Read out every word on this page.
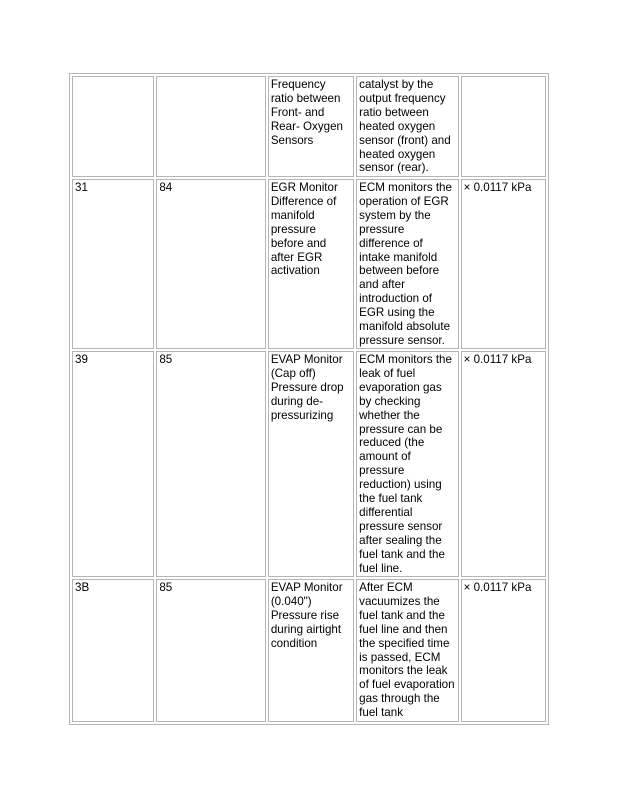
		Frequency ratio between Front- and Rear- Oxygen Sensors	catalyst by the output frequency ratio between heated oxygen sensor (front) and heated oxygen sensor (rear).	
31	84	EGR Monitor Difference of manifold pressure before and after EGR activation	ECM monitors the operation of EGR system by the pressure difference of intake manifold between before and after introduction of EGR using the manifold absolute pressure sensor.	× 0.0117 kPa
39	85	EVAP Monitor (Cap off) Pressure drop during de-pressurizing	ECM monitors the leak of fuel evaporation gas by checking whether the pressure can be reduced (the amount of pressure reduction) using the fuel tank differential pressure sensor after sealing the fuel tank and the fuel line.	× 0.0117 kPa
3B	85	EVAP Monitor (0.040") Pressure rise during airtight condition	After ECM vacuumizes the fuel tank and the fuel line and then the specified time is passed, ECM monitors the leak of fuel evaporation gas through the fuel tank	× 0.0117 kPa
